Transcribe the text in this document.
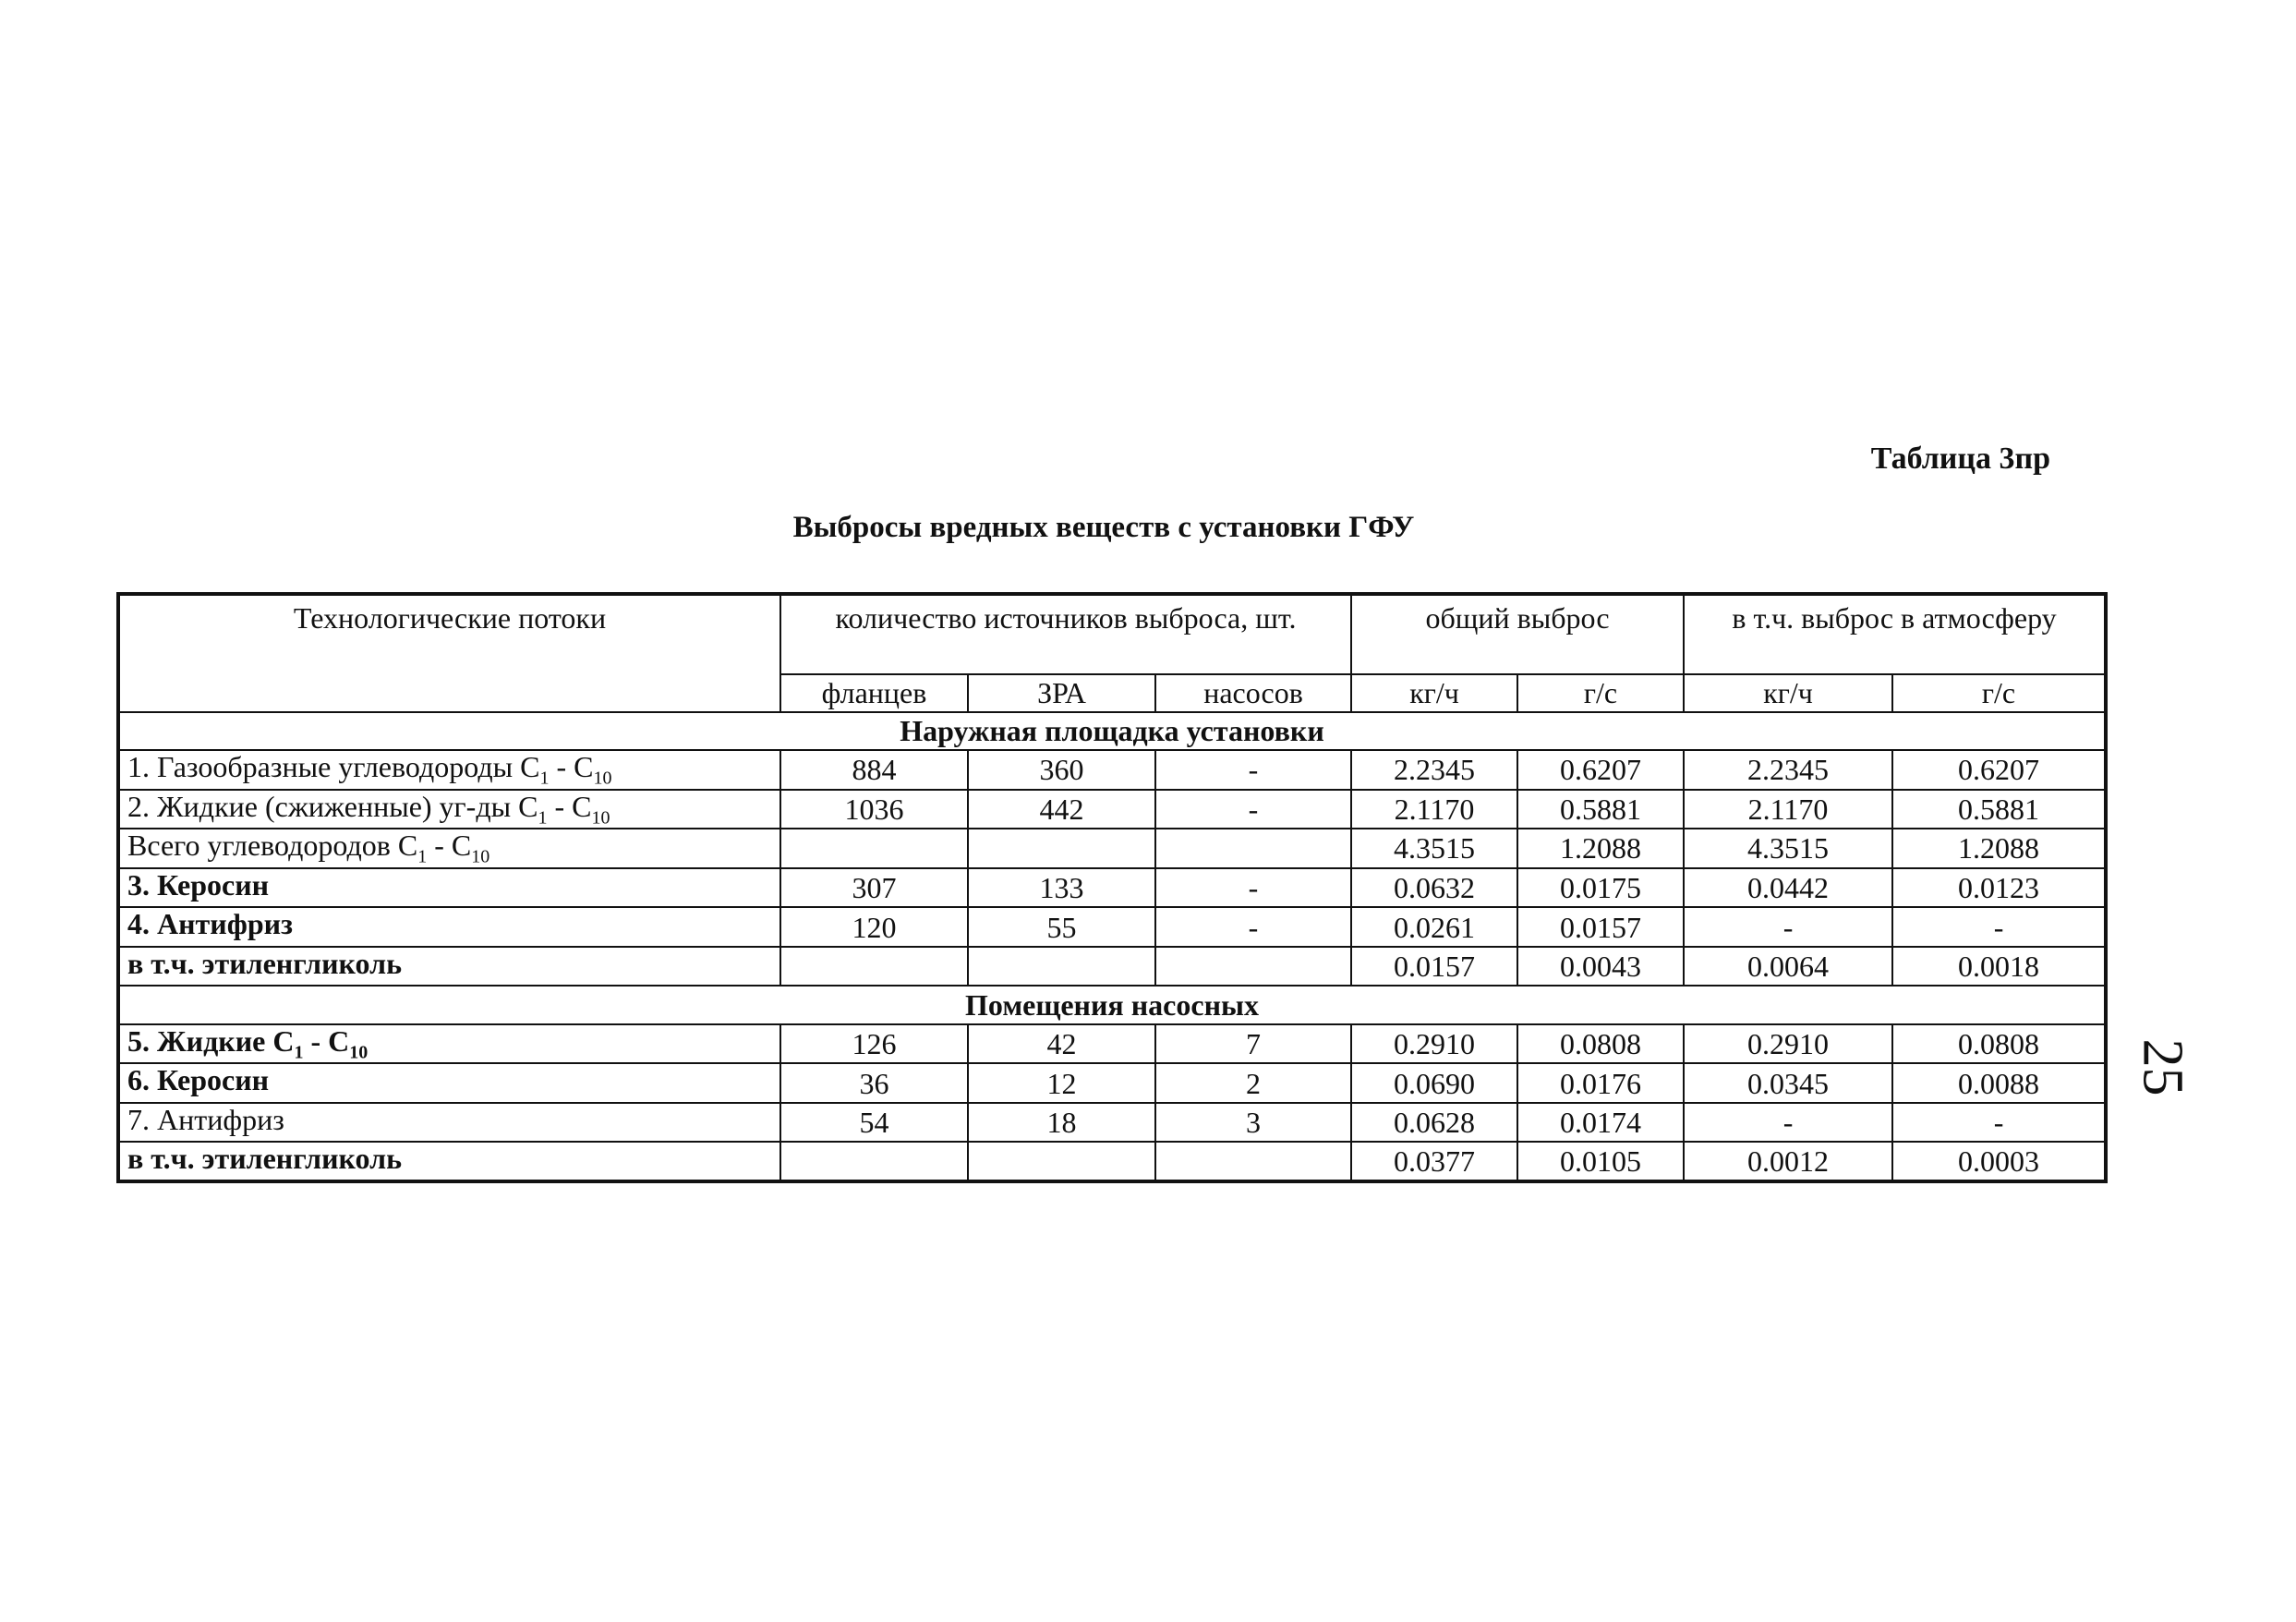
Таблица 3пр
Выбросы вредных веществ с установки ГФУ
25
Технологические потоки	количество источников выброса, шт.			общий выброс		в т.ч. выброс в атмосферу	
	фланцев	ЗРА	насосов	кг/ч	г/с	кг/ч	г/с
Наружная площадка установки							
1. Газообразные углеводороды $C_1 - C_{10}$	884	360	-	2.2345	0.6207	2.2345	0.6207
2. Жидкие (сжиженные) уг-ды $C_1 - C_{10}$	1036	442	-	2.1170	0.5881	2.1170	0.5881
Всего углеводородов $C_1 - C_{10}$				4.3515	1.2088	4.3515	1.2088
3. Керосин	307	133	-	0.0632	0.0175	0.0442	0.0123
4. Антифриз	120	55	-	0.0261	0.0157	-	-
в т.ч. этиленгликоль				0.0157	0.0043	0.0064	0.0018
Помещения насосных							
5. Жидкие $C_1 - C_{10}$	126	42	7	0.2910	0.0808	0.2910	0.0808
6. Керосин	36	12	2	0.0690	0.0176	0.0345	0.0088
7. Антифриз	54	18	3	0.0628	0.0174	-	-
в т.ч. этиленгликоль				0.0377	0.0105	0.0012	0.0003
